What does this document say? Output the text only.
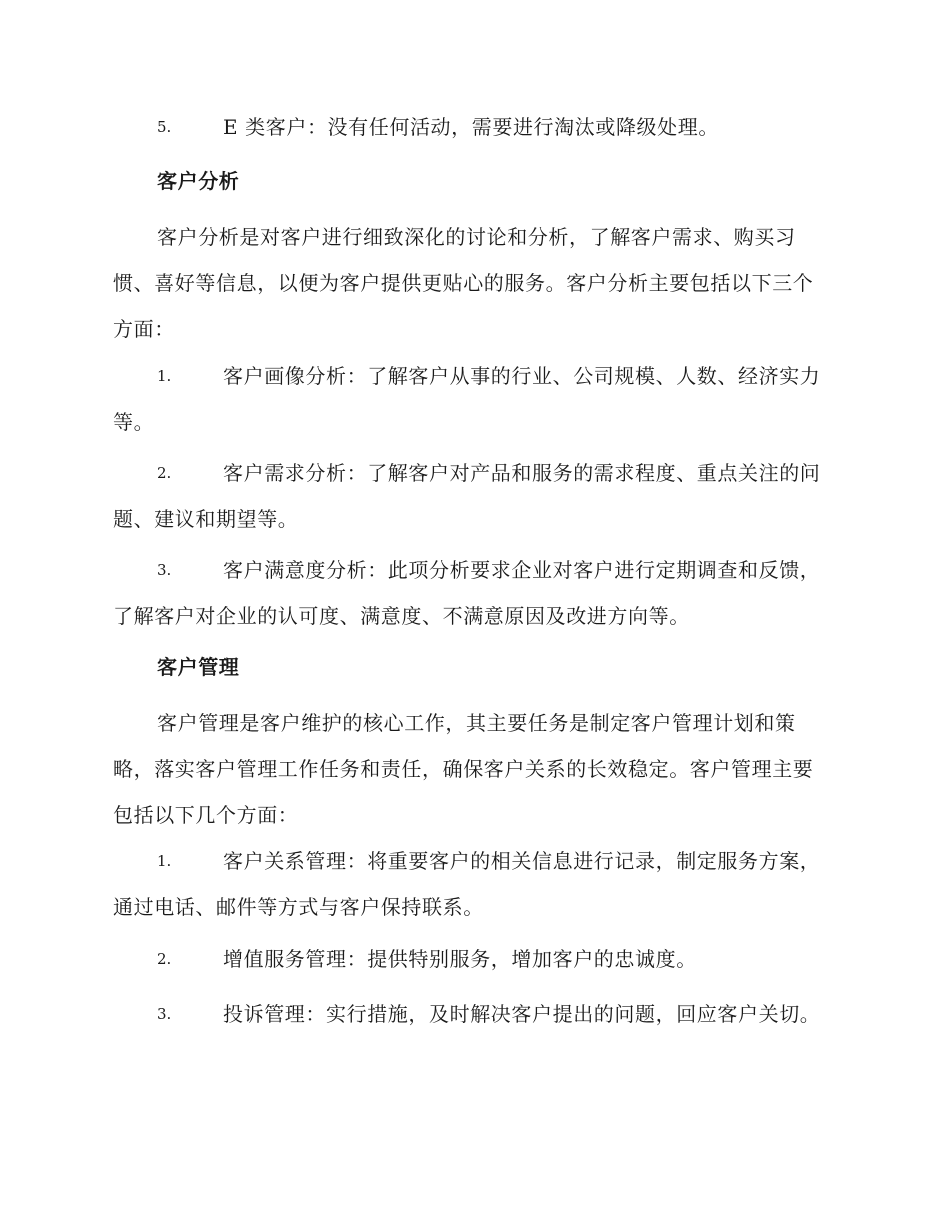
5.	E 类客户：没有任何活动，需要进行淘汰或降级处理。
客户分析
客户分析是对客户进行细致深化的讨论和分析，了解客户需求、购买习惯、喜好等信息，以便为客户提供更贴心的服务。客户分析主要包括以下三个方面：
1.	客户画像分析：了解客户从事的行业、公司规模、人数、经济实力等。
2.	客户需求分析：了解客户对产品和服务的需求程度、重点关注的问题、建议和期望等。
3.	客户满意度分析：此项分析要求企业对客户进行定期调查和反馈，了解客户对企业的认可度、满意度、不满意原因及改进方向等。
客户管理
客户管理是客户维护的核心工作，其主要任务是制定客户管理计划和策略，落实客户管理工作任务和责任，确保客户关系的长效稳定。客户管理主要包括以下几个方面：
1.	客户关系管理：将重要客户的相关信息进行记录，制定服务方案，通过电话、邮件等方式与客户保持联系。
2.	增值服务管理：提供特别服务，增加客户的忠诚度。
3.	投诉管理：实行措施，及时解决客户提出的问题，回应客户关切。
